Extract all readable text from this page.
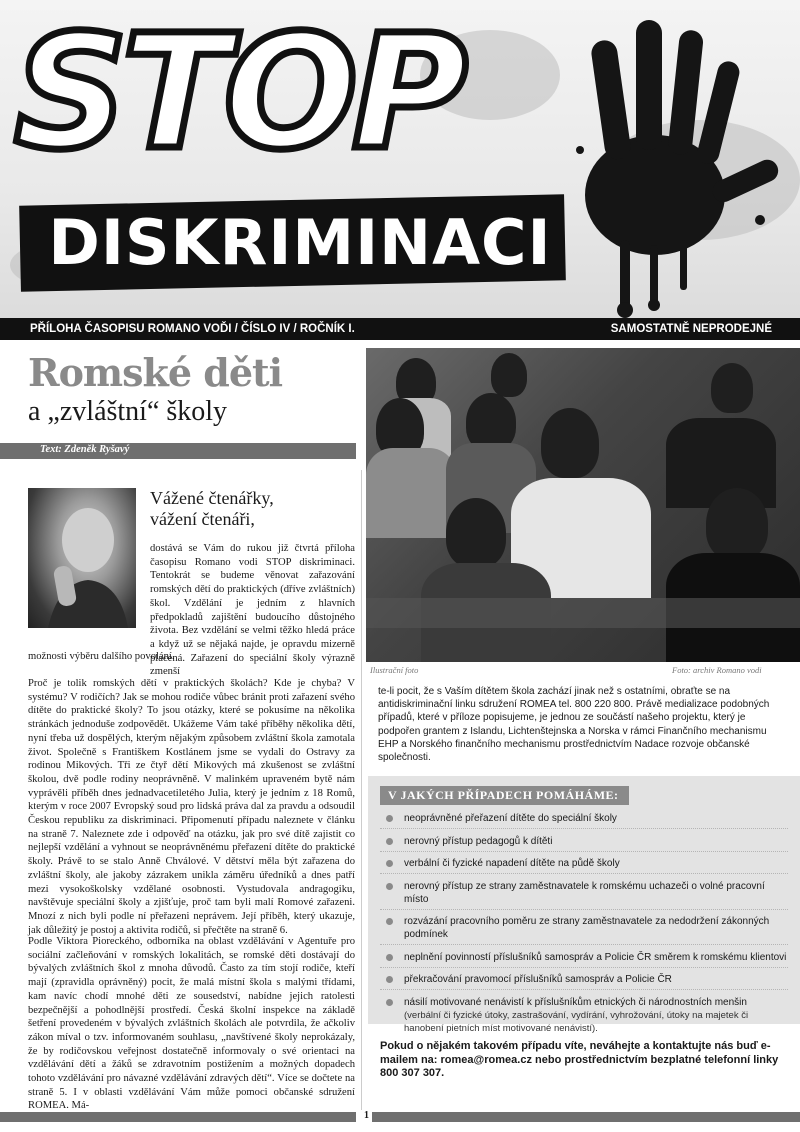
STOP
DISKRIMINACI
PŘÍLOHA ČASOPISU ROMANO VOĎI / ČÍSLO IV / ROČNÍK I.	SAMOSTATNĚ NEPRODEJNÉ
Romské děti
a „zvláštní“ školy
Text: Zdeněk Ryšavý
Vážené čtenářky,
vážení čtenáři,
dostává se Vám do rukou již čtvrtá příloha časopisu Romano vodi STOP diskriminaci. Tentokrát se budeme věnovat zařazování romských dětí do praktických (dříve zvláštních) škol. Vzdělání je jedním z hlavních předpokladů zajištění budoucího důstojného života. Bez vzdělání se velmi těžko hledá práce a když už se nějaká najde, je opravdu mizerně placená. Zařazení do speciální školy výrazně zmenší
možnosti výběru dalšího povolání.
Proč je tolik romských dětí v praktických školách? Kde je chyba? V systému? V rodičích? Jak se mohou rodiče vůbec bránit proti zařazení svého dítěte do praktické školy? To jsou otázky, které se pokusíme na několika stránkách jednoduše zodpovědět. Ukážeme Vám také příběhy několika dětí, nyní třeba už dospělých, kterým nějakým způsobem zvláštní škola zamotala život. Společně s Františkem Kostlánem jsme se vydali do Ostravy za rodinou Mikových. Tři ze čtyř dětí Mikových má zkušenost se zvláštní školou, dvě podle rodiny neoprávněně. V malinkém upraveném bytě nám vyprávěli příběh dnes jednadvacetiletého Julia, který je jedním z 18 Romů, kterým v roce 2007 Evropský soud pro lidská práva dal za pravdu a odsoudil Českou republiku za diskriminaci. Připomenutí případu naleznete v článku na straně 7. Naleznete zde i odpověď na otázku, jak pro své dítě zajistit co nejlepší vzdělání a vyhnout se neoprávněnému přeřazení dítěte do praktické školy. Právě to se stalo Anně Chválové. V dětství měla být zařazena do zvláštní školy, ale jakoby zázrakem unikla záměru úředníků a dnes patří mezi vysokoškolsky vzdělané osobnosti. Vystudovala andragogiku, navštěvuje speciální školy a zjišťuje, proč tam byli malí Romové zařazeni. Mnozí z nich byli podle ní přeřazeni neprávem. Její příběh, který ukazuje, jak důležitý je postoj a aktivita rodičů, si přečtěte na straně 6.
Podle Viktora Pioreckého, odborníka na oblast vzdělávání v Agentuře pro sociální začleňování v romských lokalitách, se romské děti dostávají do bývalých zvláštních škol z mnoha důvodů. Často za tím stojí rodiče, kteří mají (zpravidla oprávněný) pocit, že malá místní škola s malými třídami, kam navíc chodí mnohé děti ze sousedství, nabídne jejich ratolesti bezpečnější a pohodlnější prostředí. Česká školní inspekce na základě šetření provedeném v bývalých zvláštních školách ale potvrdila, že ačkoliv zákon míval o tzv. informovaném souhlasu, „navštívené školy neprokázaly, že by rodičovskou veřejnost dostatečně informovaly o své orientaci na vzdělávání dětí a žáků se zdravotním postižením a možných dopadech tohoto vzdělávání pro návazné vzdělávání zdravých dětí“. Více se dočtete na straně 5. I v oblasti vzdělávání Vám může pomoci občanské sdružení ROMEA. Má-
Ilustrační foto	Foto: archiv Romano vodi
te-li pocit, že s Vaším dítětem škola zachází jinak než s ostatními, obraťte se na antidiskriminační linku sdružení ROMEA tel. 800 220 800. Právě medializace podobných případů, které v příloze popisujeme, je jednou ze součástí našeho projektu, který je podpořen grantem z Islandu, Lichtenštejnska a Norska v rámci Finančního mechanismu EHP a Norského finančního mechanismu prostřednictvím Nadace rozvoje občanské společnosti.
V JAKÝCH PŘÍPADECH POMÁHÁME:
neoprávněné přeřazení dítěte do speciální školy
nerovný přístup pedagogů k dítěti
verbální či fyzické napadení dítěte na půdě školy
nerovný přístup ze strany zaměstnavatele k romskému uchazeči o volné pracovní místo
rozvázání pracovního poměru ze strany zaměstnavatele za nedodržení zákonných podmínek
neplnění povinností příslušníků samospráv a Policie ČR směrem k romskému klientovi
překračování pravomocí příslušníků samospráv a Policie ČR
násilí motivované nenávistí k příslušníkům etnických či národnostních menšin
(verbální či fyzické útoky, zastrašování, vydírání, vyhrožování, útoky na majetek či hanobení pietních míst motivované nenávistí).
Pokud o nějakém takovém případu víte, neváhejte a kontaktujte nás buď e-mailem na: romea@romea.cz nebo prostřednictvím bezplatné telefonní linky 800 307 307.
1
